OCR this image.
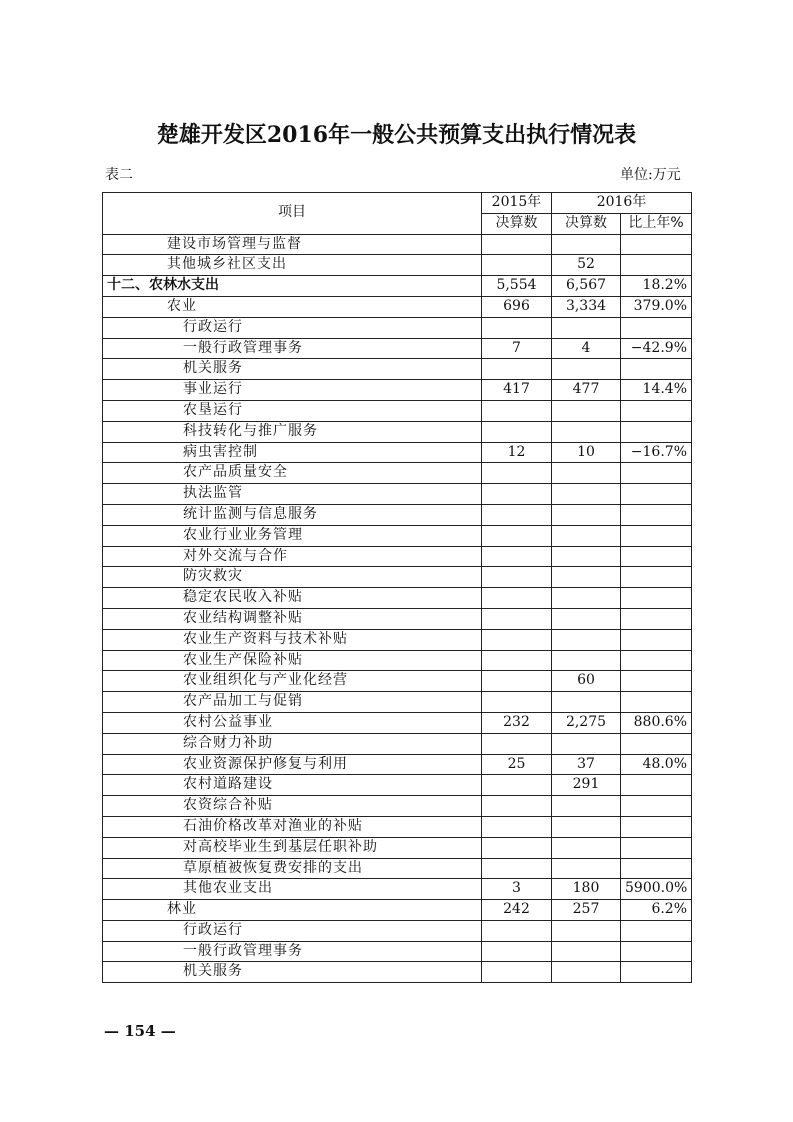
楚雄开发区2016年一般公共预算支出执行情况表
表二	单位:万元
项目	2015年	2016年	
	决算数	决算数	比上年%
建设市场管理与监督			
其他城乡社区支出		52	
十二、农林水支出	5,554	6,567	18.2%
农业	696	3,334	379.0%
行政运行			
一般行政管理事务	7	4	−42.9%
机关服务			
事业运行	417	477	14.4%
农垦运行			
科技转化与推广服务			
病虫害控制	12	10	−16.7%
农产品质量安全			
执法监管			
统计监测与信息服务			
农业行业业务管理			
对外交流与合作			
防灾救灾			
稳定农民收入补贴			
农业结构调整补贴			
农业生产资料与技术补贴			
农业生产保险补贴			
农业组织化与产业化经营		60	
农产品加工与促销			
农村公益事业	232	2,275	880.6%
综合财力补助			
农业资源保护修复与利用	25	37	48.0%
农村道路建设		291	
农资综合补贴			
石油价格改革对渔业的补贴			
对高校毕业生到基层任职补助			
草原植被恢复费安排的支出			
其他农业支出	3	180	5900.0%
林业	242	257	6.2%
行政运行			
一般行政管理事务			
机关服务			
— 154 —
